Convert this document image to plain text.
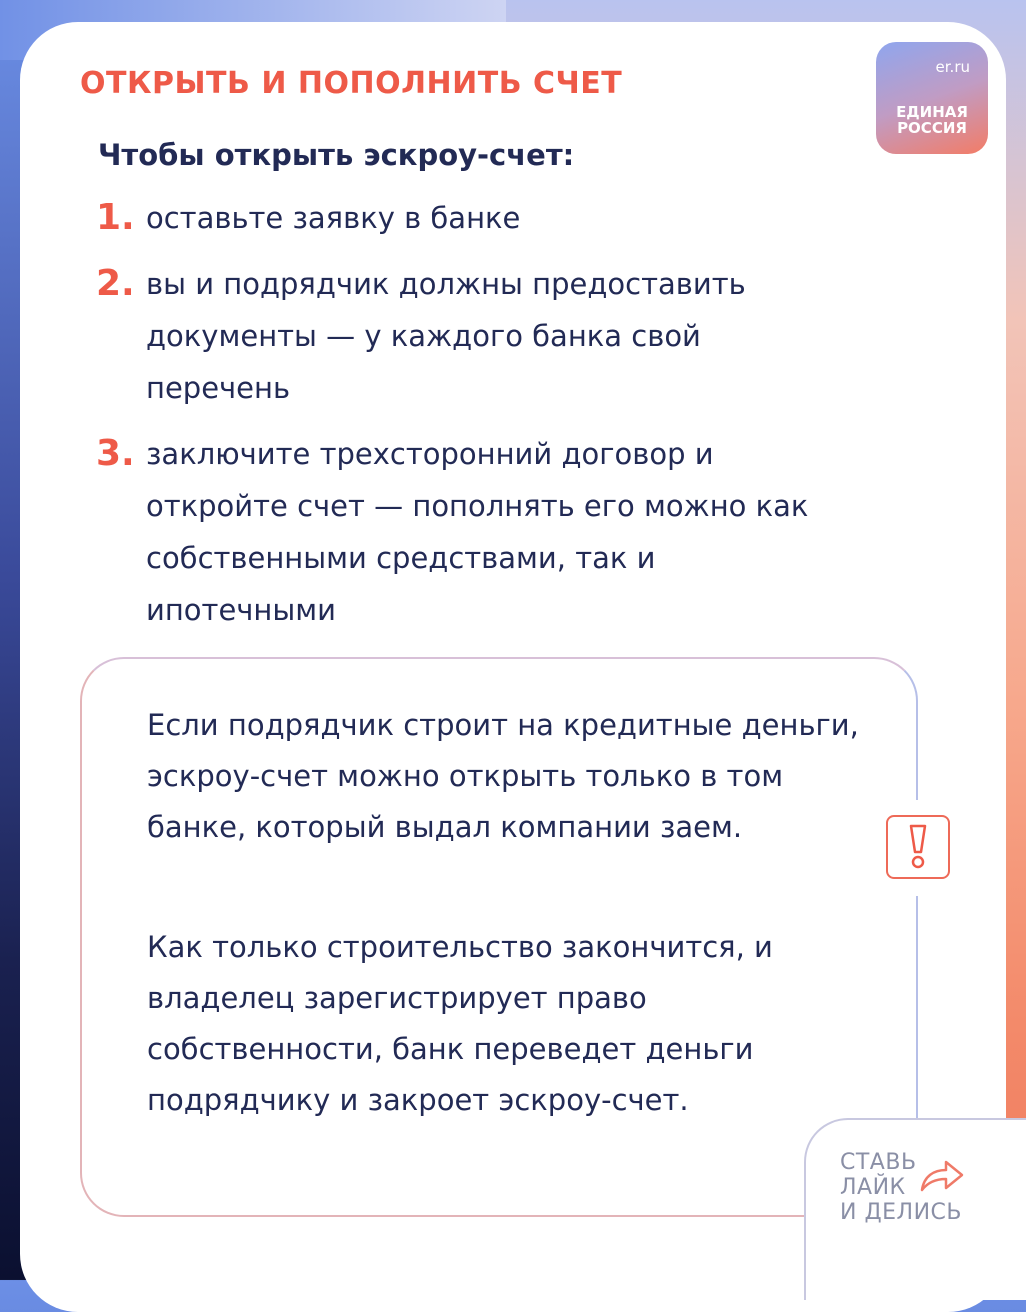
ОТКРЫТЬ И ПОПОЛНИТЬ СЧЕТ	er.ru
ЕДИНАЯ
РОССИЯ
Чтобы открыть эскроу-счет:
1. оставьте заявку в банке
2. вы и подрядчик должны предоставить документы — у каждого банка свой перечень
3. заключите трехсторонний договор и откройте счет — пополнять его можно как собственными средствами, так и ипотечными
Если подрядчик строит на кредитные деньги, эскроу-счет можно открыть только в том банке, который выдал компании заем.
Как только строительство закончится, и владелец зарегистрирует право собственности, банк переведет деньги подрядчику и закроет эскроу-счет.
СТАВЬ
ЛАЙК
И ДЕЛИСЬ
